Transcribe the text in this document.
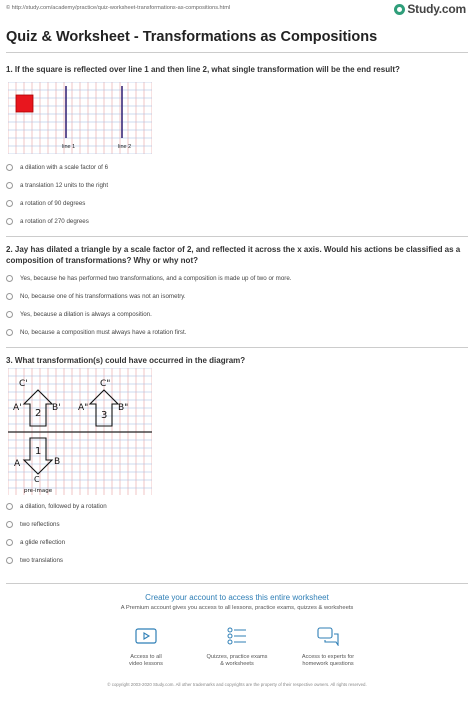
© http://study.com/academy/practice/quiz-worksheet-transformations-as-compositions.html	Study.com
Quiz & Worksheet - Transformations as Compositions
1. If the square is reflected over line 1 and then line 2, what single transformation will be the end result?
line 1	line 2
a dilation with a scale factor of 6
a translation 12 units to the right
a rotation of 90 degrees
a rotation of 270 degrees
2. Jay has dilated a triangle by a scale factor of 2, and reflected it across the x axis. Would his actions be classified as a composition of transformations? Why or why not?
Yes, because he has performed two transformations, and a composition is made up of two or more.
No, because one of his transformations was not an isometry.
Yes, because a dilation is always a composition.
No, because a composition must always have a rotation first.
3. What transformation(s) could have occurred in the diagram?
C'
A'	B'
2
C"
A"	B"
3
A	B
C
1
pre-image
a dilation, followed by a rotation
two reflections
a glide reflection
two translations
Create your account to access this entire worksheet
A Premium account gives you access to all lessons, practice exams, quizzes & worksheets
Access to all
video lessons
Quizzes, practice exams
& worksheets
Access to experts for
homework questions
© copyright 2003-2020 Study.com. All other trademarks and copyrights are the property of their respective owners. All rights reserved.
